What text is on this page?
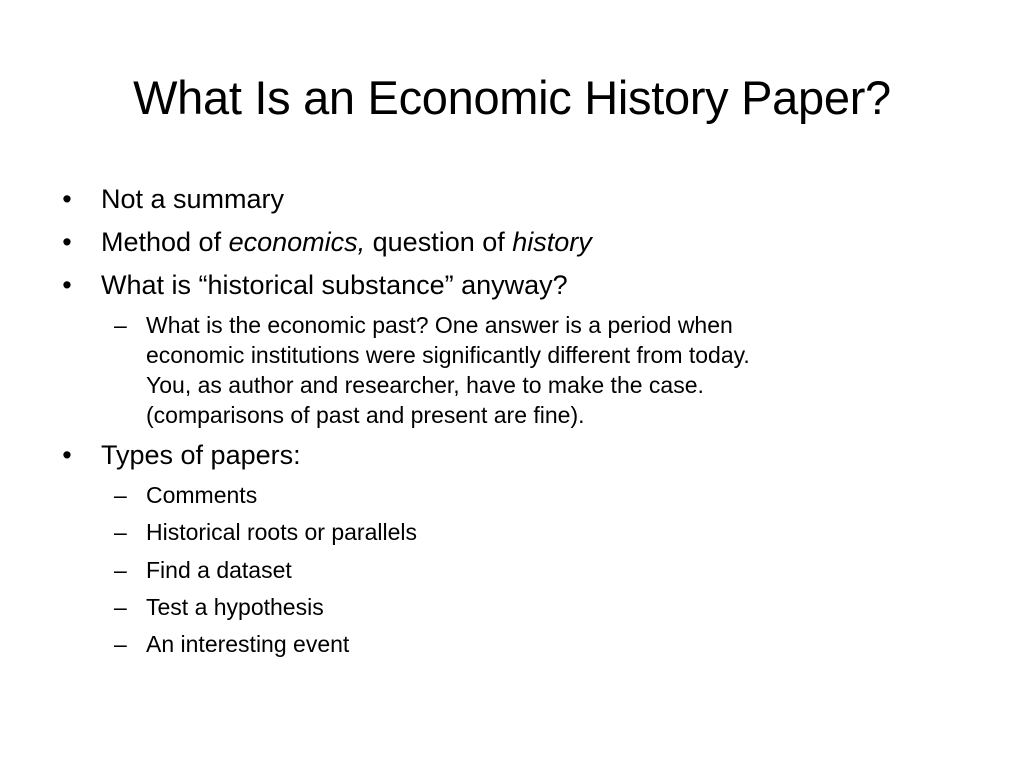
What Is an Economic History Paper?
• Not a summary
• Method of economics, question of history
• What is “historical substance” anyway?
– What is the economic past? One answer is a period when
economic institutions were significantly different from today.
You, as author and researcher, have to make the case.
(comparisons of past and present are fine).
• Types of papers:
– Comments
– Historical roots or parallels
– Find a dataset
– Test a hypothesis
– An interesting event
